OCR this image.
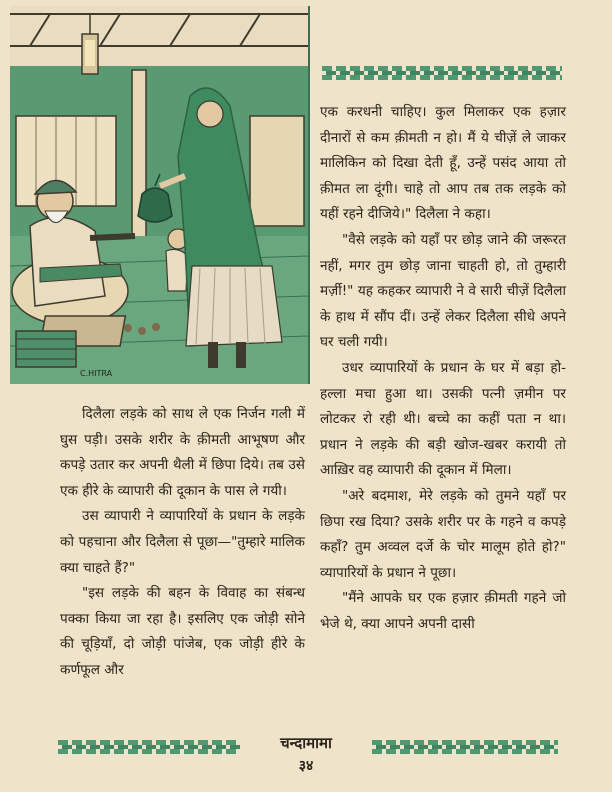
C.HITRA

एक करधनी चाहिए। कुल मिलाकर एक हज़ार दीनारों से कम क़ीमती न हो। मैं ये चीज़ें ले जाकर मालिकिन को दिखा देती हूँ, उन्हें पसंद आया तो क़ीमत ला दूंगी। चाहे तो आप तब तक लड़के को यहीं रहने दीजिये।" दिलैला ने कहा।

"वैसे लड़के को यहाँ पर छोड़ जाने की जरूरत नहीं, मगर तुम छोड़ जाना चाहती हो, तो तुम्हारी मर्ज़ी!" यह कहकर व्यापारी ने वे सारी चीज़ें दिलैला के हाथ में सौंप दीं। उन्हें लेकर दिलैला सीधे अपने घर चली गयी।

उधर व्यापारियों के प्रधान के घर में बड़ा हो-हल्ला मचा हुआ था। उसकी पत्नी ज़मीन पर लोटकर रो रही थी। बच्चे का कहीं पता न था। प्रधान ने लड़के की बड़ी खोज-खबर करायी तो आख़िर वह व्यापारी की दूकान में मिला।

"अरे बदमाश, मेरे लड़के को तुमने यहाँ पर छिपा रख दिया? उसके शरीर पर के गहने व कपड़े कहाँ? तुम अव्वल दर्जे के चोर मालूम होते हो?" व्यापारियों के प्रधान ने पूछा।

"मैंने आपके घर एक हज़ार क़ीमती गहने जो भेजे थे, क्या आपने अपनी दासी

दिलैला लड़के को साथ ले एक निर्जन गली में घुस पड़ी। उसके शरीर के क़ीमती आभूषण और कपड़े उतार कर अपनी थैली में छिपा दिये। तब उसे एक हीरे के व्यापारी की दूकान के पास ले गयी।

उस व्यापारी ने व्यापारियों के प्रधान के लड़के को पहचाना और दिलैला से पूछा—"तुम्हारे मालिक क्या चाहते हैं?"

"इस लड़के की बहन के विवाह का संबन्ध पक्का किया जा रहा है। इसलिए एक जोड़ी सोने की चूड़ियाँ, दो जोड़ी पांजेब, एक जोड़ी हीरे के कर्णफूल और

चन्दामामा
३४
